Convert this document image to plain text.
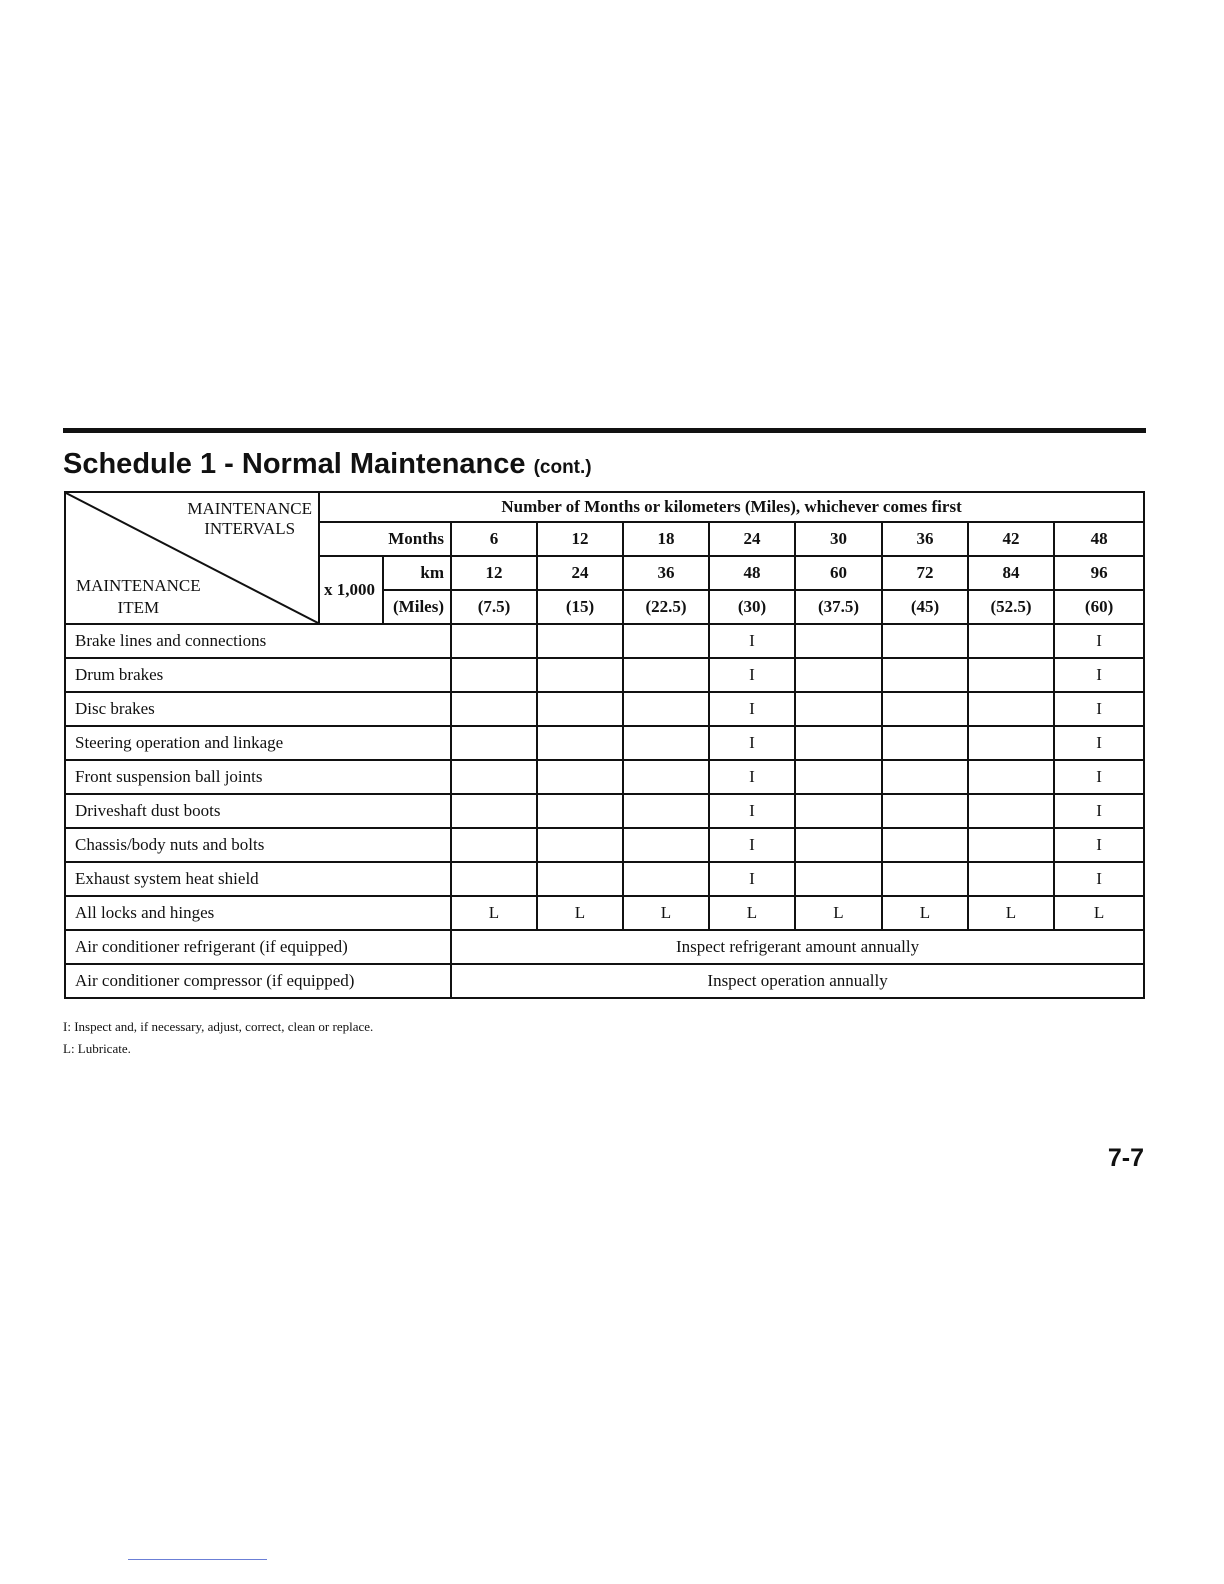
Schedule 1 - Normal Maintenance (cont.)
MAINTENANCE
INTERVALS
MAINTENANCE
ITEM	Number of Months or kilometers (Miles), whichever comes first									
	Months		6	12	18	24	30	36	42	48
	x 1,000	km	12	24	36	48	60	72	84	96
		(Miles)	(7.5)	(15)	(22.5)	(30)	(37.5)	(45)	(52.5)	(60)
Brake lines and connections						I				I
Drum brakes						I				I
Disc brakes						I				I
Steering operation and linkage						I				I
Front suspension ball joints						I				I
Driveshaft dust boots						I				I
Chassis/body nuts and bolts						I				I
Exhaust system heat shield						I				I
All locks and hinges			L	L	L	L	L	L	L	L
Air conditioner refrigerant (if equipped)			Inspect refrigerant amount annually							
Air conditioner compressor (if equipped)			Inspect operation annually							
I: Inspect and, if necessary, adjust, correct, clean or replace.
L: Lubricate.
7-7
